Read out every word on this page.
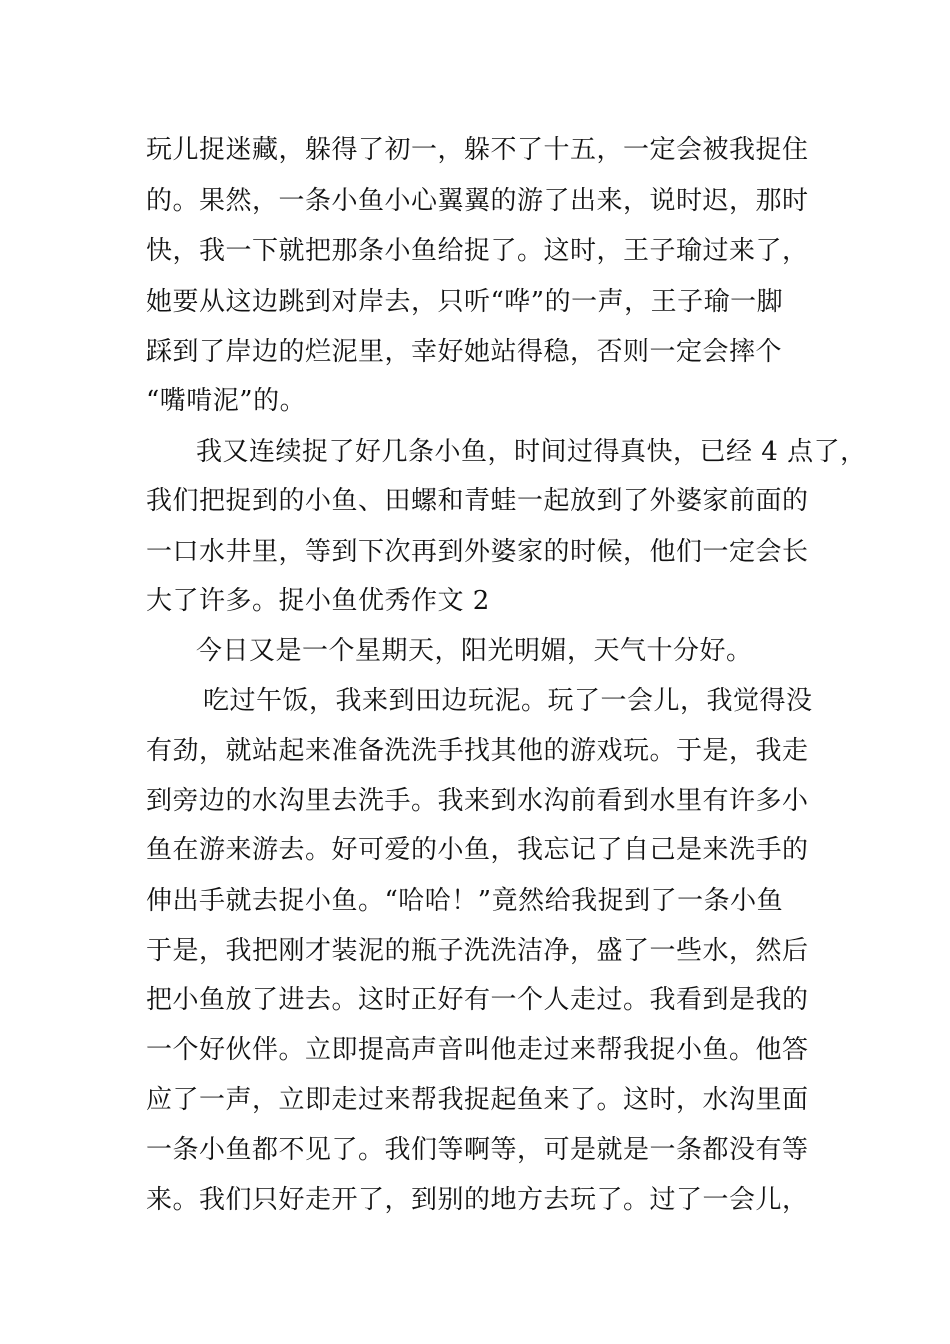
玩儿捉迷藏，躲得了初一，躲不了十五，一定会被我捉住
的。果然，一条小鱼小心翼翼的游了出来，说时迟，那时
快，我一下就把那条小鱼给捉了。这时，王子瑜过来了，
她要从这边跳到对岸去，只听“哗”的一声，王子瑜一脚
踩到了岸边的烂泥里，幸好她站得稳，否则一定会摔个
“嘴啃泥”的。
我又连续捉了好几条小鱼，时间过得真快，已经 4 点了，
我们把捉到的小鱼、田螺和青蛙一起放到了外婆家前面的
一口水井里，等到下次再到外婆家的时候，他们一定会长
大了许多。捉小鱼优秀作文 2
今日又是一个星期天，阳光明媚，天气十分好。
吃过午饭，我来到田边玩泥。玩了一会儿，我觉得没
有劲，就站起来准备洗洗手找其他的游戏玩。于是，我走
到旁边的水沟里去洗手。我来到水沟前看到水里有许多小
鱼在游来游去。好可爱的小鱼，我忘记了自己是来洗手的
伸出手就去捉小鱼。“哈哈！”竟然给我捉到了一条小鱼
于是，我把刚才装泥的瓶子洗洗洁净，盛了一些水，然后
把小鱼放了进去。这时正好有一个人走过。我看到是我的
一个好伙伴。立即提高声音叫他走过来帮我捉小鱼。他答
应了一声，立即走过来帮我捉起鱼来了。这时，水沟里面
一条小鱼都不见了。我们等啊等，可是就是一条都没有等
来。我们只好走开了，到别的地方去玩了。过了一会儿，
